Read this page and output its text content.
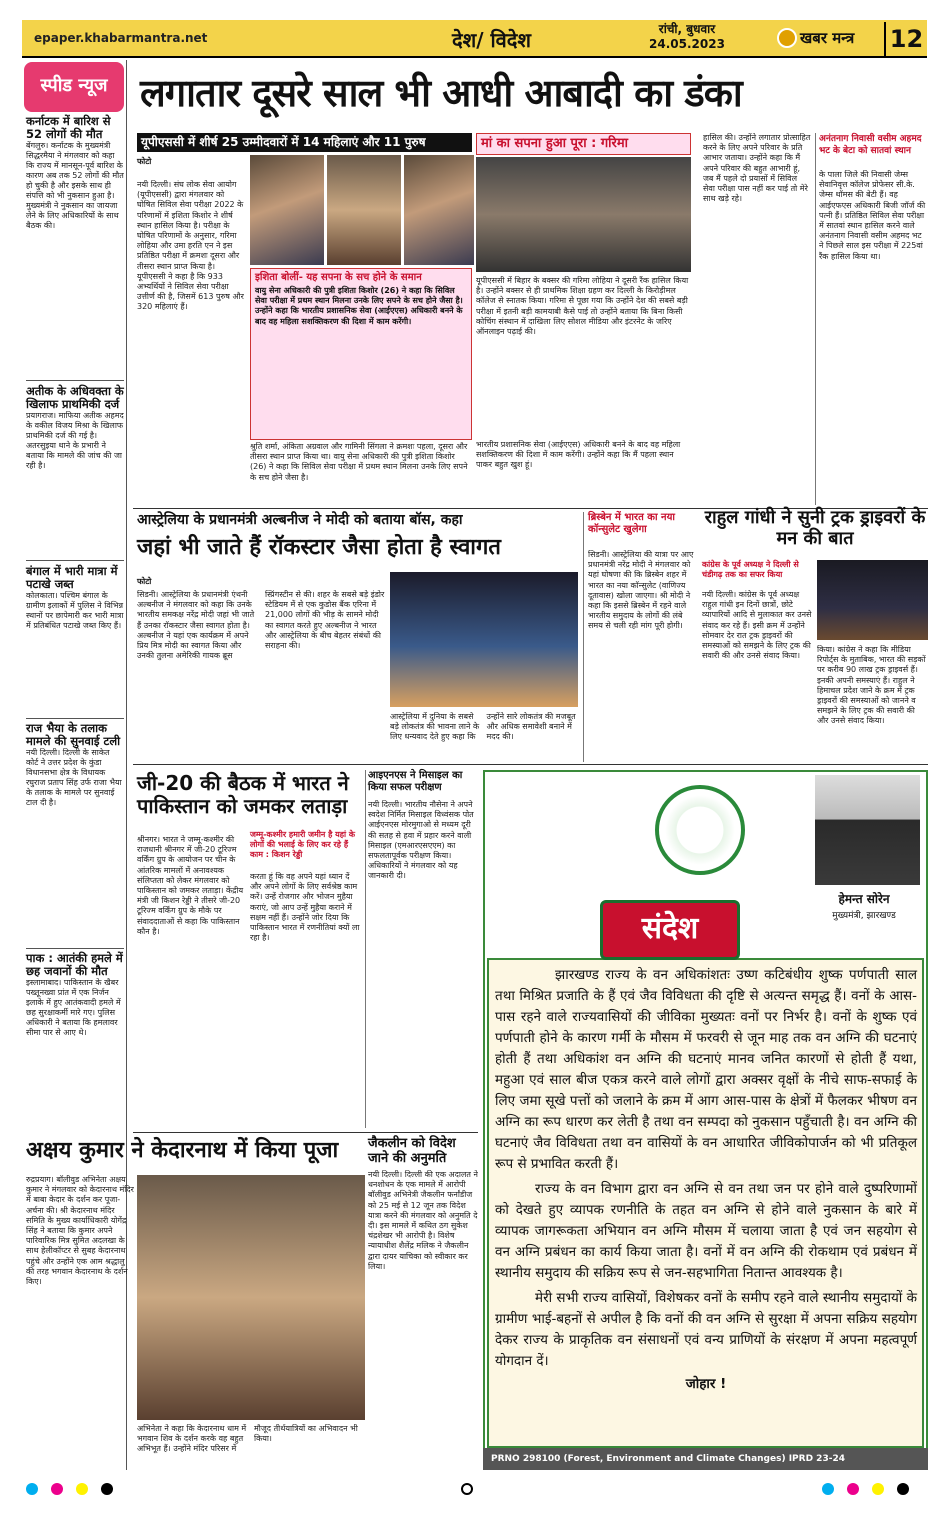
epaper.khabarmantra.net	देश/ विदेश	रांची, बुधवार
24.05.2023	खबर मन्त्र 12
स्पीड न्यूज
कर्नाटक में बारिश से 52 लोगों की मौत
बेंगलुरु। कर्नाटक के मुख्यमंत्री सिद्धरमैया ने मंगलवार को कहा कि राज्य में मानसून-पूर्व बारिश के कारण अब तक 52 लोगों की मौत हो चुकी है और इसके साथ ही संपत्ति को भी नुकसान हुआ है। मुख्यमंत्री ने नुकसान का जायजा लेने के लिए अधिकारियों के साथ बैठक की।
अतीक के अधिवक्ता के खिलाफ प्राथमिकी दर्ज
प्रयागराज। माफिया अतीक अहमद के वकील विजय मिश्रा के खिलाफ प्राथमिकी दर्ज की गई है। अतरसुइया थाने के प्रभारी ने बताया कि मामले की जांच की जा रही है।
बंगाल में भारी मात्रा में पटाखे जब्त
कोलकाता। पश्चिम बंगाल के ग्रामीण इलाकों में पुलिस ने विभिन्न स्थानों पर छापेमारी कर भारी मात्रा में प्रतिबंधित पटाखे जब्त किए हैं।
राज भैया के तलाक मामले की सुनवाई टली
नयी दिल्ली। दिल्ली के साकेत कोर्ट ने उत्तर प्रदेश के कुंडा विधानसभा क्षेत्र के विधायक रघुराज प्रताप सिंह उर्फ राजा भैया के तलाक के मामले पर सुनवाई टाल दी है।
पाक : आतंकी हमले में छह जवानों की मौत
इस्लामाबाद। पाकिस्तान के खैबर पख्तूनख्वा प्रांत में एक निर्जन इलाके में हुए आतंकवादी हमले में छह सुरक्षाकर्मी मारे गए। पुलिस अधिकारी ने बताया कि हमलावर सीमा पार से आए थे।
लगातार दूसरे साल भी आधी आबादी का डंका
यूपीएससी में शीर्ष 25 उम्मीदवारों में 14 महिलाएं और 11 पुरुष
फोटो
नयी दिल्ली। संघ लोक सेवा आयोग (यूपीएससी) द्वारा मंगलवार को घोषित सिविल सेवा परीक्षा 2022 के परिणामों में इशिता किशोर ने शीर्ष स्थान हासिल किया है। परीक्षा के घोषित परिणामों के अनुसार, गरिमा लोहिया और उमा हरति एन ने इस प्रतिष्ठित परीक्षा में क्रमशः दूसरा और तीसरा स्थान प्राप्त किया है। यूपीएससी ने कहा है कि 933 अभ्यर्थियों ने सिविल सेवा परीक्षा उत्तीर्ण की है, जिसमें 613 पुरुष और 320 महिलाएं हैं।
इशिता बोलीं- यह सपना के सच होने के समान
वायु सेना अधिकारी की पुत्री इशिता किशोर (26) ने कहा कि सिविल सेवा परीक्षा में प्रथम स्थान मिलना उनके लिए सपने के सच होने जैसा है। उन्होंने कहा कि भारतीय प्रशासनिक सेवा (आईएएस) अधिकारी बनने के बाद वह महिला सशक्तिकरण की दिशा में काम करेंगी।
श्रुति शर्मा, अंकिता अग्रवाल और गामिनी सिंगला ने क्रमशः पहला, दूसरा और तीसरा स्थान प्राप्त किया था। वायु सेना अधिकारी की पुत्री इशिता किशोर (26) ने कहा कि सिविल सेवा परीक्षा में प्रथम स्थान मिलना उनके लिए सपने के सच होने जैसा है।
मां का सपना हुआ पूरा : गरिमा
यूपीएससी में बिहार के बक्सर की गरिमा लोहिया ने दूसरी रैंक हासिल किया है। उन्होंने बक्सर से ही प्राथमिक शिक्षा ग्रहण कर दिल्ली के किरोड़ीमल कॉलेज से स्नातक किया। गरिमा से पूछा गया कि उन्होंने देश की सबसे बड़ी परीक्षा में इतनी बड़ी कामयाबी कैसे पाई तो उन्होंने बताया कि बिना किसी कोचिंग संस्थान में दाखिला लिए सोशल मीडिया और इंटरनेट के जरिए ऑनलाइन पढ़ाई की।
भारतीय प्रशासनिक सेवा (आईएएस) अधिकारी बनने के बाद वह महिला सशक्तिकरण की दिशा में काम करेंगी। उन्होंने कहा कि मैं पहला स्थान पाकर बहुत खुश हूं।
हासिल की। उन्होंने लगातार प्रोत्साहित करने के लिए अपने परिवार के प्रति आभार जताया। उन्होंने कहा कि मैं अपने परिवार की बहुत आभारी हूं, जब मैं पहले दो प्रयासों में सिविल सेवा परीक्षा पास नहीं कर पाई तो मेरे साथ खड़े रहे।
अनंतनाग निवासी वसीम अहमद भट के बेटा को सातवां स्थान
के पाला जिले की निवासी जेम्स सेवानिवृत्त कॉलेज प्रोफेसर सी.के. जेम्स थॉमस की बेटी हैं। वह आईएफएस अधिकारी बिजी जॉर्ज की पत्नी हैं। प्रतिष्ठित सिविल सेवा परीक्षा में सातवां स्थान हासिल करने वाले अनंतनाग निवासी वसीम अहमद भट ने पिछले साल इस परीक्षा में 225वां रैंक हासिल किया था।
आस्ट्रेलिया के प्रधानमंत्री अल्बनीज ने मोदी को बताया बॉस, कहा
जहां भी जाते हैं रॉकस्टार जैसा होता है स्वागत
फोटो
सिडनी। आस्ट्रेलिया के प्रधानमंत्री एंथनी अल्बनीज ने मंगलवार को कहा कि उनके भारतीय समकक्ष नरेंद्र मोदी जहां भी जाते हैं उनका रॉकस्टार जैसा स्वागत होता है। अल्बनीज ने यहां एक कार्यक्रम में अपने प्रिय मित्र मोदी का स्वागत किया और उनकी तुलना अमेरिकी गायक ब्रूस स्प्रिंगस्टीन से की। शहर के सबसे बड़े इंडोर स्टेडियम में से एक कुडोस बैंक एरिना में 21,000 लोगों की भीड़ के सामने मोदी का स्वागत करते हुए अल्बनीज ने भारत और आस्ट्रेलिया के बीच बेहतर संबंधों की सराहना की।
आस्ट्रेलिया में दुनिया के सबसे बड़े लोकतंत्र की भावना लाने के लिए धन्यवाद देते हुए कहा कि उन्होंने सारे लोकतंत्र की मजबूत और अधिक समावेशी बनाने में मदद की।
ब्रिस्बेन में भारत का नया कॉन्सुलेट खुलेगा
सिडनी। आस्ट्रेलिया की यात्रा पर आए प्रधानमंत्री नरेंद्र मोदी ने मंगलवार को यहां घोषणा की कि ब्रिस्बेन शहर में भारत का नया कॉन्सुलेट (वाणिज्य दूतावास) खोला जाएगा। श्री मोदी ने कहा कि इससे ब्रिस्बेन में रहने वाले भारतीय समुदाय के लोगों की लंबे समय से चली रही मांग पूरी होगी।
राहुल गांधी ने सुनी ट्रक ड्राइवरों के मन की बात
कांग्रेस के पूर्व अध्यक्ष ने दिल्ली से चंडीगढ़ तक का सफर किया
नयी दिल्ली। कांग्रेस के पूर्व अध्यक्ष राहुल गांधी इन दिनों छात्रों, छोटे व्यापारियों आदि से मुलाकात कर उनसे संवाद कर रहे हैं। इसी क्रम में उन्होंने सोमवार देर रात ट्रक ड्राइवरों की समस्याओं को समझने के लिए ट्रक की सवारी की और उनसे संवाद किया।
किया। कांग्रेस ने कहा कि मीडिया रिपोर्ट्स के मुताबिक, भारत की सड़कों पर करीब 90 लाख ट्रक ड्राइवर्स हैं। इनकी अपनी समस्याएं हैं। राहुल ने हिमाचल प्रदेश जाने के क्रम में ट्रक ड्राइवरों की समस्याओं को जानने व समझने के लिए ट्रक की सवारी की और उनसे संवाद किया।
जी-20 की बैठक में भारत ने पाकिस्तान को जमकर लताड़ा
श्रीनगर। भारत ने जम्मू-कश्मीर की राजधानी श्रीनगर में जी-20 टूरिज्म वर्किंग ग्रुप के आयोजन पर चीन के आंतरिक मामलों में अनावश्यक संलिप्तता को लेकर मंगलवार को पाकिस्तान को जमकर लताड़ा। केंद्रीय मंत्री जी किशन रेड्डी ने तीसरे जी-20 टूरिज्म वर्किंग ग्रुप के मौके पर संवाददाताओं से कहा कि पाकिस्तान कौन है।
जम्मू-कश्मीर हमारी जमीन है यहां के लोगों की भलाई के लिए कर रहे हैं काम : किशन रेड्डी
करता हूं कि वह अपने यहां ध्यान दें और अपने लोगों के लिए सर्वश्रेष्ठ काम करें। उन्हें रोजगार और भोजन मुहैया कराएं, जो आप उन्हें मुहैया कराने में सक्षम नहीं हैं। उन्होंने जोर दिया कि पाकिस्तान भारत में रणनीतियां क्यों ला रहा है।
आइएनएस ने मिसाइल का किया सफल परीक्षण
नयी दिल्ली। भारतीय नौसेना ने अपने स्वदेश निर्मित मिसाइल विध्वंसक पोत आईएनएस मोरमुगाओ से मध्यम दूरी की सतह से हवा में प्रहार करने वाली मिसाइल (एमआरएसएएम) का सफलतापूर्वक परीक्षण किया। अधिकारियों ने मंगलवार को यह जानकारी दी।
अक्षय कुमार ने केदारनाथ में किया पूजा
रुद्रप्रयाग। बॉलीवुड अभिनेता अक्षय कुमार ने मंगलवार को केदारनाथ मंदिर में बाबा केदार के दर्शन कर पूजा-अर्चना की। श्री केदारनाथ मंदिर समिति के मुख्य कार्याधिकारी योगेंद्र सिंह ने बताया कि कुमार अपने पारिवारिक मित्र सुमित अदलखा के साथ हेलीकॉप्टर से सुबह केदारनाथ पहुंचे और उन्होंने एक आम श्रद्धालु की तरह भगवान केदारनाथ के दर्शन किए।
अभिनेता ने कहा कि केदारनाथ धाम में भगवान शिव के दर्शन करके वह बहुत अभिभूत हैं। उन्होंने मंदिर परिसर में मौजूद तीर्थयात्रियों का अभिवादन भी किया।
जैकलीन को विदेश जाने की अनुमति
नयी दिल्ली। दिल्ली की एक अदालत ने धनशोधन के एक मामले में आरोपी बॉलीवुड अभिनेत्री जैकलीन फर्नांडीज को 25 मई से 12 जून तक विदेश यात्रा करने की मंगलवार को अनुमति दे दी। इस मामले में कथित ठग सुकेश चंद्रशेखर भी आरोपी है। विशेष न्यायाधीश शैलेंद्र मलिक ने जैकलीन द्वारा दायर याचिका को स्वीकार कर लिया।
हेमन्त सोरेन
मुख्यमंत्री, झारखण्ड
संदेश

झारखण्ड राज्य के वन अधिकांशतः उष्ण कटिबंधीय शुष्क पर्णपाती साल तथा मिश्रित प्रजाति के हैं एवं जैव विविधता की दृष्टि से अत्यन्त समृद्ध हैं। वनों के आस-पास रहने वाले राज्यवासियों की जीविका मुख्यतः वनों पर निर्भर है। वनों के शुष्क एवं पर्णपाती होने के कारण गर्मी के मौसम में फरवरी से जून माह तक वन अग्नि की घटनाएं होती हैं तथा अधिकांश वन अग्नि की घटनाएं मानव जनित कारणों से होती हैं यथा, महुआ एवं साल बीज एकत्र करने वाले लोगों द्वारा अक्सर वृक्षों के नीचे साफ-सफाई के लिए जमा सूखे पत्तों को जलाने के क्रम में आग आस-पास के क्षेत्रों में फैलकर भीषण वन अग्नि का रूप धारण कर लेती है तथा वन सम्पदा को नुकसान पहुँचाती है। वन अग्नि की घटनाएं जैव विविधता तथा वन वासियों के वन आधारित जीविकोपार्जन को भी प्रतिकूल रूप से प्रभावित करती हैं।

राज्य के वन विभाग द्वारा वन अग्नि से वन तथा जन पर होने वाले दुष्परिणामों को देखते हुए व्यापक रणनीति के तहत वन अग्नि से होने वाले नुकसान के बारे में व्यापक जागरूकता अभियान वन अग्नि मौसम में चलाया जाता है एवं जन सहयोग से वन अग्नि प्रबंधन का कार्य किया जाता है। वनों में वन अग्नि की रोकथाम एवं प्रबंधन में स्थानीय समुदाय की सक्रिय रूप से जन-सहभागिता नितान्त आवश्यक है।

मेरी सभी राज्य वासियों, विशेषकर वनों के समीप रहने वाले स्थानीय समुदायों के ग्रामीण भाई-बहनों से अपील है कि वनों की वन अग्नि से सुरक्षा में अपना सक्रिय सहयोग देकर राज्य के प्राकृतिक वन संसाधनों एवं वन्य प्राणियों के संरक्षण में अपना महत्वपूर्ण योगदान दें।

जोहार !

PRNO 298100 (Forest, Environment and Climate Changes) IPRD 23-24
